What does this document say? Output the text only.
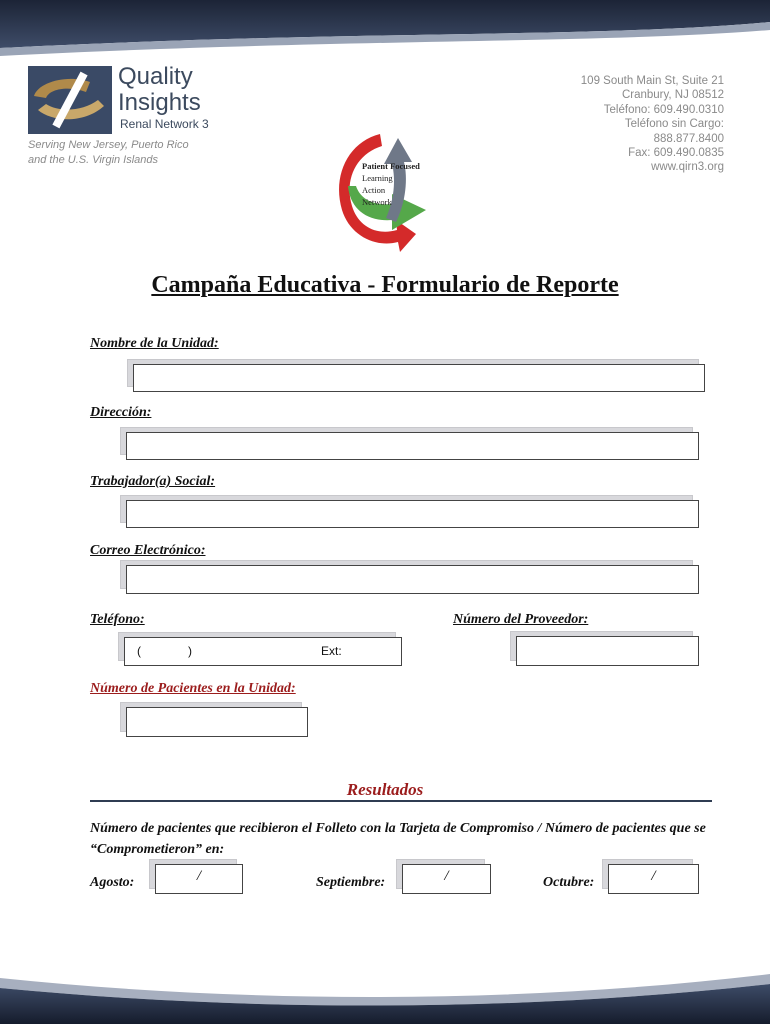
Quality
Insights
Renal Network 3
Serving New Jersey, Puerto Rico
and the U.S. Virgin Islands
109 South Main St, Suite 21
Cranbury, NJ 08512
Teléfono: 609.490.0310
Teléfono sin Cargo:
888.877.8400
Fax: 609.490.0835
www.qirn3.org
Patient Focused
Learning
Action
Network
Campaña Educativa - Formulario de Reporte
Nombre de la Unidad:
Dirección:
Trabajador(a) Social:
Correo Electrónico:
Teléfono:	Número del Proveedor:
(	)	Ext:
Número de Pacientes en la Unidad:
Resultados
Número de pacientes que recibieron el Folleto con la Tarjeta de Compromiso / Número de pacientes que se “Comprometieron” en:
Agosto:	/	Septiembre:	/	Octubre:	/
